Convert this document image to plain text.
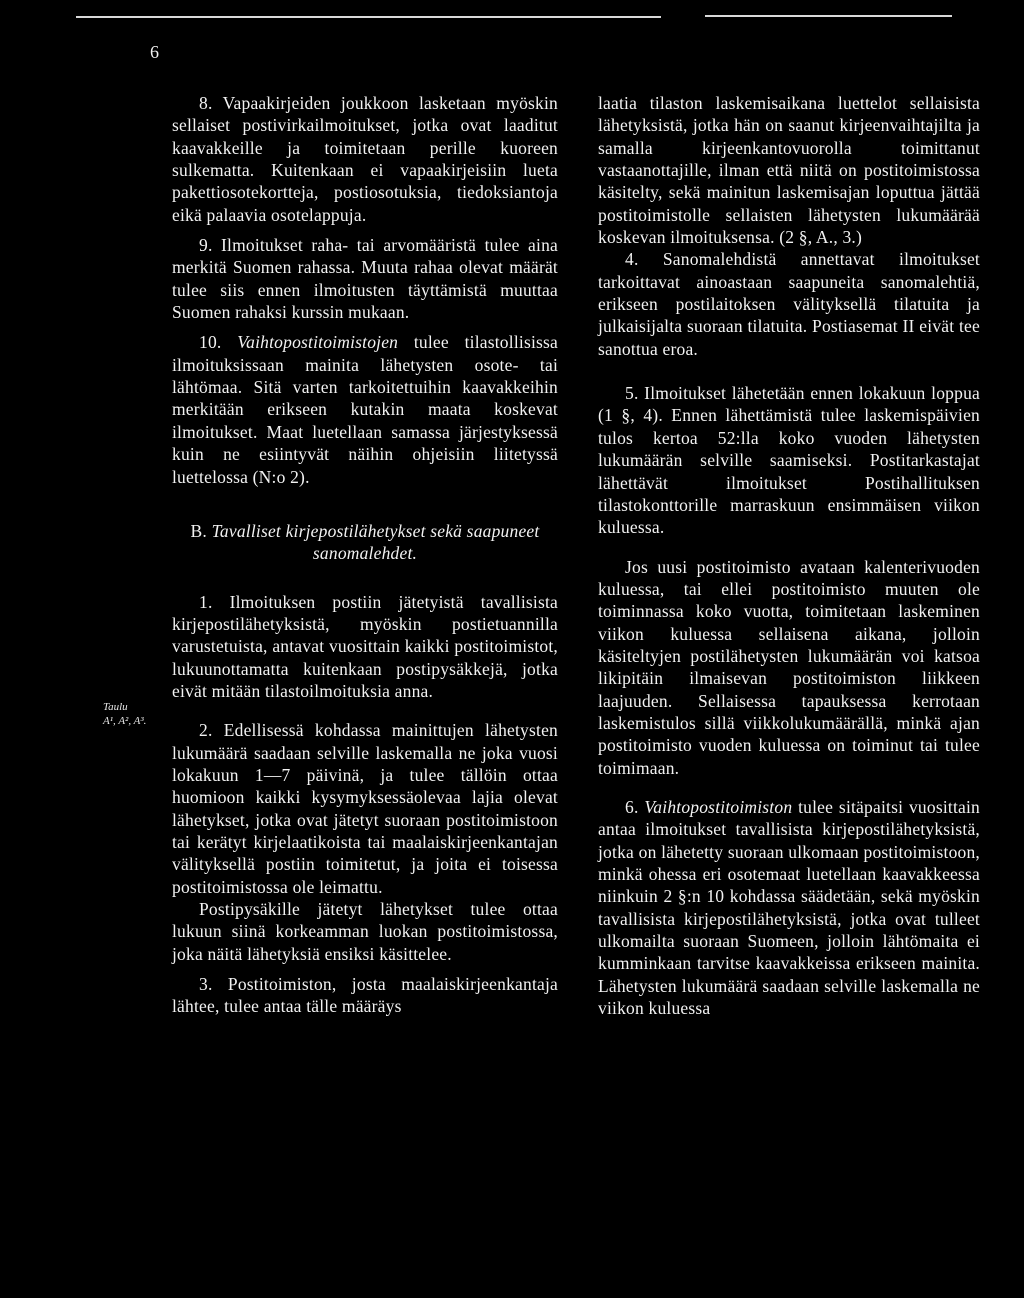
6
Taulu
A¹, A², A³.

8. Vapaakirjeiden joukkoon lasketaan myöskin sellaiset postivirkailmoitukset, jotka ovat laaditut kaavakkeille ja toimitetaan perille kuoreen sulkematta. Kuitenkaan ei vapaakirjeisiin lueta pakettiosotekortteja, postiosotuksia, tiedoksiantoja eikä palaavia osotelappuja.

9. Ilmoitukset raha- tai arvomääristä tulee aina merkitä Suomen rahassa. Muuta rahaa olevat määrät tulee siis ennen ilmoitusten täyttämistä muuttaa Suomen rahaksi kurssin mukaan.

10. Vaihtopostitoimistojen tulee tilastollisissa ilmoituksissaan mainita lähetysten osote- tai lähtömaa. Sitä varten tarkoitettuihin kaavakkeihin merkitään erikseen kutakin maata koskevat ilmoitukset. Maat luetellaan samassa järjestyksessä kuin ne esiintyvät näihin ohjeisiin liitetyssä luettelossa (N:o 2).

B. Tavalliset kirjepostilähetykset sekä saapuneet sanomalehdet.

1. Ilmoituksen postiin jätetyistä tavallisista kirjepostilähetyksistä, myöskin postietuannilla varustetuista, antavat vuosittain kaikki postitoimistot, lukuunottamatta kuitenkaan postipysäkkejä, jotka eivät mitään tilastoilmoituksia anna.

2. Edellisessä kohdassa mainittujen lähetysten lukumäärä saadaan selville laskemalla ne joka vuosi lokakuun 1—7 päivinä, ja tulee tällöin ottaa huomioon kaikki kysymyksessäolevaa lajia olevat lähetykset, jotka ovat jätetyt suoraan postitoimistoon tai kerätyt kirjelaatikoista tai maalaiskirjeenkantajan välityksellä postiin toimitetut, ja joita ei toisessa postitoimistossa ole leimattu.

Postipysäkille jätetyt lähetykset tulee ottaa lukuun siinä korkeamman luokan postitoimistossa, joka näitä lähetyksiä ensiksi käsittelee.

3. Postitoimiston, josta maalaiskirjeenkantaja lähtee, tulee antaa tälle määräys

laatia tilaston laskemisaikana luettelot sellaisista lähetyksistä, jotka hän on saanut kirjeenvaihtajilta ja samalla kirjeenkantovuorolla toimittanut vastaanottajille, ilman että niitä on postitoimistossa käsitelty, sekä mainitun laskemisajan loputtua jättää postitoimistolle sellaisten lähetysten lukumäärää koskevan ilmoituksensa. (2 §, A., 3.)

4. Sanomalehdistä annettavat ilmoitukset tarkoittavat ainoastaan saapuneita sanomalehtiä, erikseen postilaitoksen välityksellä tilatuita ja julkaisijalta suoraan tilatuita. Postiasemat II eivät tee sanottua eroa.

5. Ilmoitukset lähetetään ennen lokakuun loppua (1 §, 4). Ennen lähettämistä tulee laskemispäivien tulos kertoa 52:lla koko vuoden lähetysten lukumäärän selville saamiseksi. Postitarkastajat lähettävät ilmoitukset Postihallituksen tilastokonttorille marraskuun ensimmäisen viikon kuluessa.

Jos uusi postitoimisto avataan kalenterivuoden kuluessa, tai ellei postitoimisto muuten ole toiminnassa koko vuotta, toimitetaan laskeminen viikon kuluessa sellaisena aikana, jolloin käsiteltyjen postilähetysten lukumäärän voi katsoa likipitäin ilmaisevan postitoimiston liikkeen laajuuden. Sellaisessa tapauksessa kerrotaan laskemistulos sillä viikkolukumäärällä, minkä ajan postitoimisto vuoden kuluessa on toiminut tai tulee toimimaan.

6. Vaihtopostitoimiston tulee sitäpaitsi vuosittain antaa ilmoitukset tavallisista kirjepostilähetyksistä, jotka on lähetetty suoraan ulkomaan postitoimistoon, minkä ohessa eri osotemaat luetellaan kaavakkeessa niinkuin 2 §:n 10 kohdassa säädetään, sekä myöskin tavallisista kirjepostilähetyksistä, jotka ovat tulleet ulkomailta suoraan Suomeen, jolloin lähtömaita ei kumminkaan tarvitse kaavakkeissa erikseen mainita. Lähetysten lukumäärä saadaan selville laskemalla ne viikon kuluessa
